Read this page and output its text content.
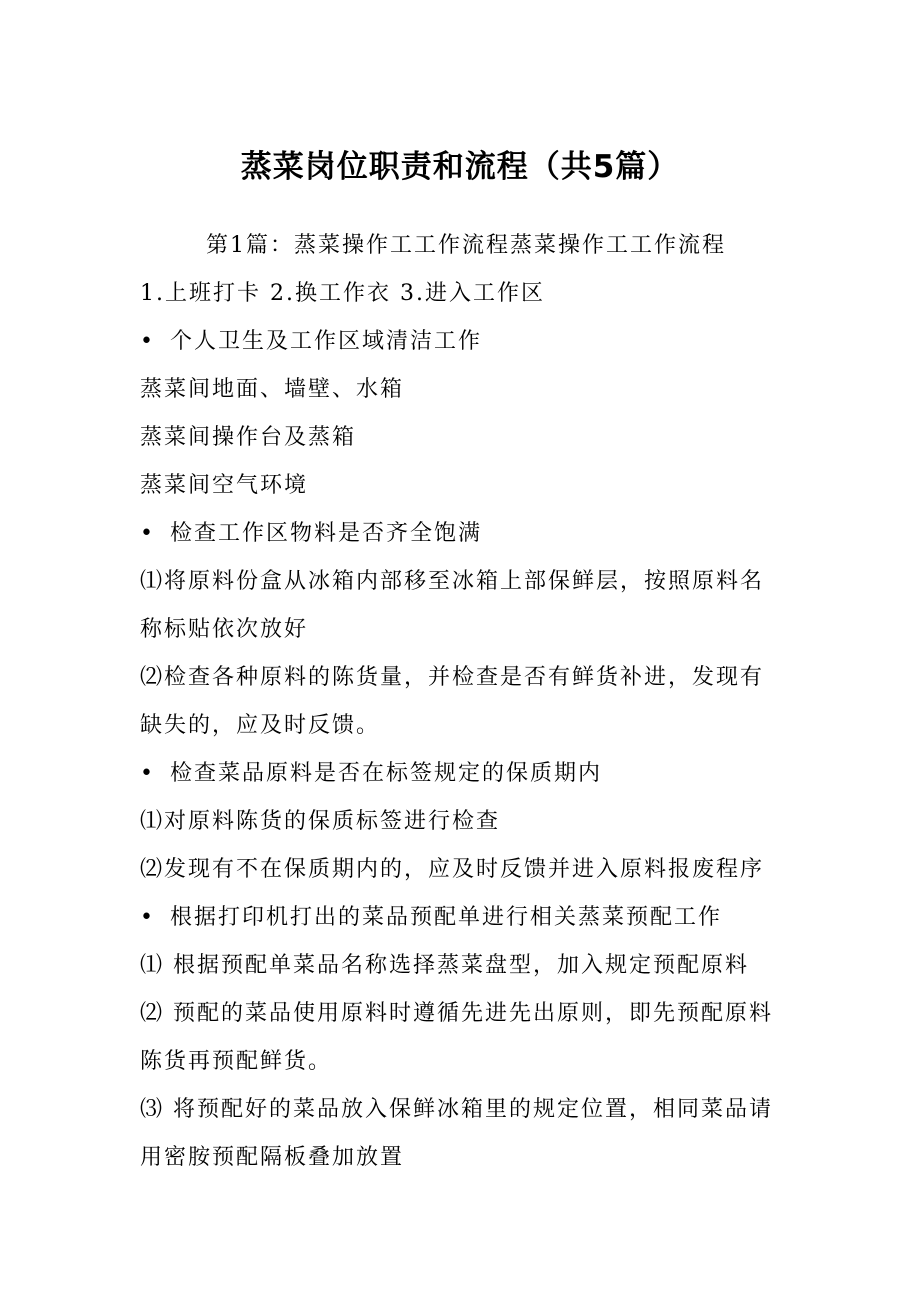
蒸菜岗位职责和流程（共5篇）

第1篇：蒸菜操作工工作流程蒸菜操作工工作流程

1.上班打卡 2.换工作衣 3.进入工作区

• 个人卫生及工作区域清洁工作

蒸菜间地面、墙壁、水箱

蒸菜间操作台及蒸箱

蒸菜间空气环境

• 检查工作区物料是否齐全饱满

⑴将原料份盒从冰箱内部移至冰箱上部保鲜层，按照原料名称标贴依次放好

⑵检查各种原料的陈货量，并检查是否有鲜货补进，发现有缺失的，应及时反馈。

• 检查菜品原料是否在标签规定的保质期内

⑴对原料陈货的保质标签进行检查

⑵发现有不在保质期内的，应及时反馈并进入原料报废程序

• 根据打印机打出的菜品预配单进行相关蒸菜预配工作

⑴ 根据预配单菜品名称选择蒸菜盘型，加入规定预配原料

⑵ 预配的菜品使用原料时遵循先进先出原则，即先预配原料陈货再预配鲜货。

⑶ 将预配好的菜品放入保鲜冰箱里的规定位置，相同菜品请用密胺预配隔板叠加放置
